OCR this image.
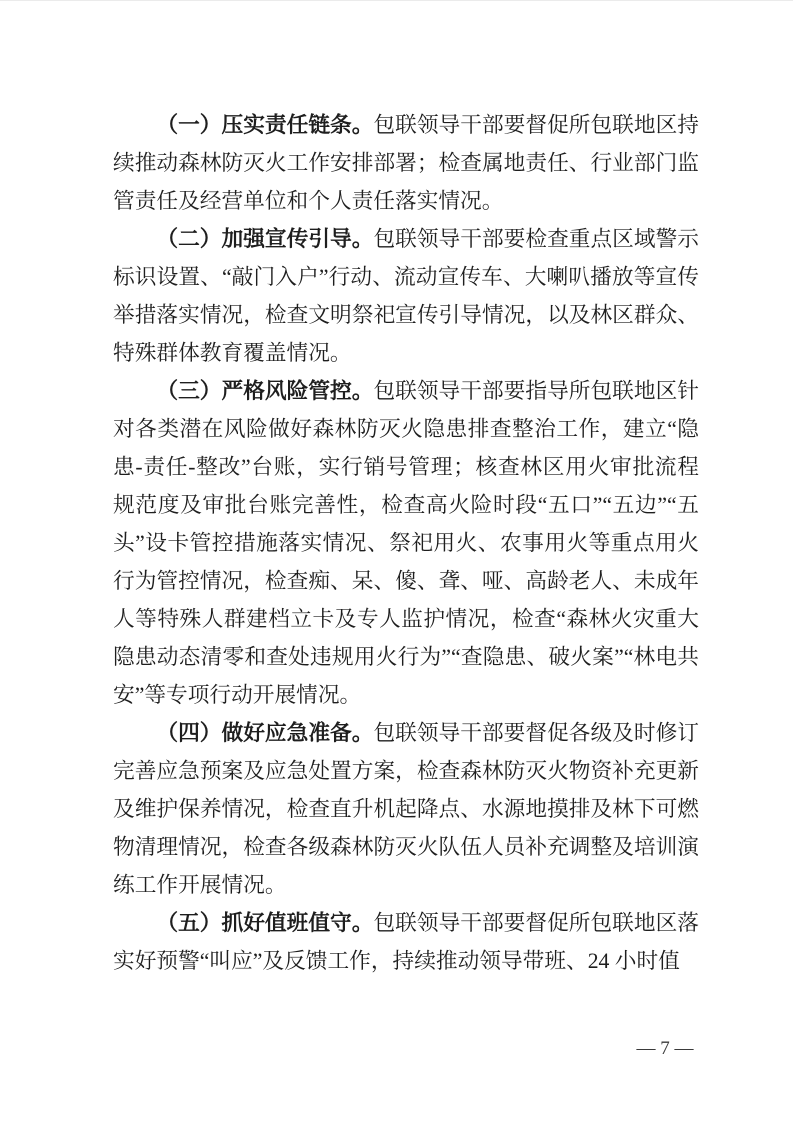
（一）压实责任链条。包联领导干部要督促所包联地区持续推动森林防灭火工作安排部署；检查属地责任、行业部门监管责任及经营单位和个人责任落实情况。

（二）加强宣传引导。包联领导干部要检查重点区域警示标识设置、“敲门入户”行动、流动宣传车、大喇叭播放等宣传举措落实情况，检查文明祭祀宣传引导情况，以及林区群众、特殊群体教育覆盖情况。

（三）严格风险管控。包联领导干部要指导所包联地区针对各类潜在风险做好森林防灭火隐患排查整治工作，建立“隐患-责任-整改”台账，实行销号管理；核查林区用火审批流程规范度及审批台账完善性，检查高火险时段“五口”“五边”“五头”设卡管控措施落实情况、祭祀用火、农事用火等重点用火行为管控情况，检查痴、呆、傻、聋、哑、高龄老人、未成年人等特殊人群建档立卡及专人监护情况，检查“森林火灾重大隐患动态清零和查处违规用火行为”“查隐患、破火案”“林电共安”等专项行动开展情况。

（四）做好应急准备。包联领导干部要督促各级及时修订完善应急预案及应急处置方案，检查森林防灭火物资补充更新及维护保养情况，检查直升机起降点、水源地摸排及林下可燃物清理情况，检查各级森林防灭火队伍人员补充调整及培训演练工作开展情况。

（五）抓好值班值守。包联领导干部要督促所包联地区落实好预警“叫应”及反馈工作，持续推动领导带班、24 小时值

— 7 —
